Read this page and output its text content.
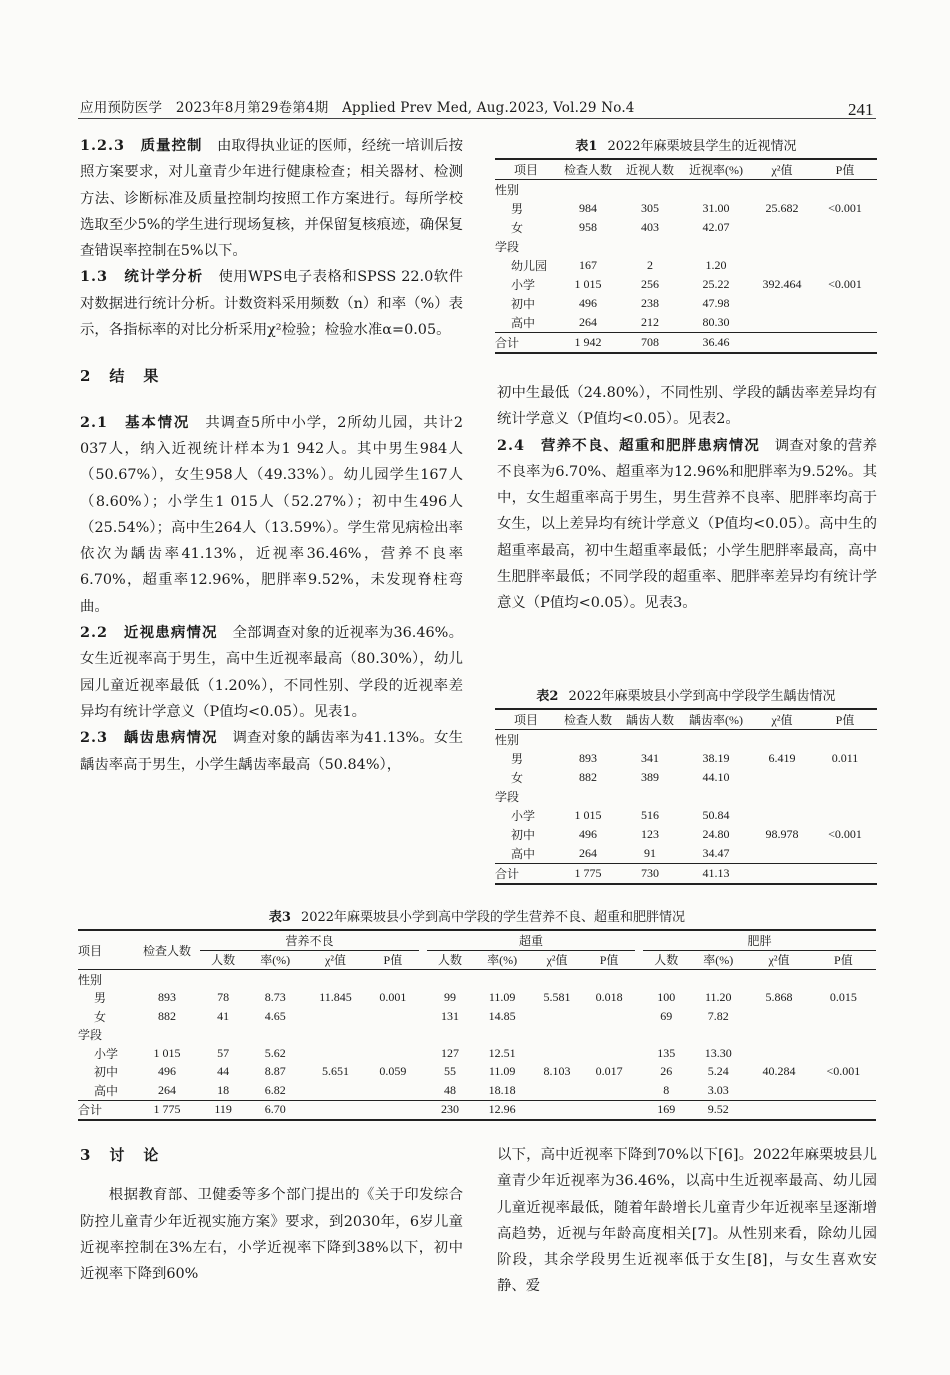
应用预防医学　2023年8月第29卷第4期　Applied Prev Med, Aug.2023, Vol.29 No.4	241

1.2.3　质量控制　 由取得执业证的医师，经统一培训后按照方案要求，对儿童青少年进行健康检查；相关器材、检测方法、诊断标准及质量控制均按照工作方案进行。每所学校选取至少5%的学生进行现场复核，并保留复核痕迹，确保复查错误率控制在5%以下。

1.3　统计学分析　 使用WPS电子表格和SPSS 22.0软件对数据进行统计分析。计数资料采用频数（n）和率（%）表示，各指标率的对比分析采用χ²检验；检验水准α=0.05。

2　结　果

2.1　基本情况　 共调查5所中小学，2所幼儿园，共计2 037人，纳入近视统计样本为1 942人。其中男生984人（50.67%），女生958人（49.33%）。幼儿园学生167人（8.60%）；小学生1 015人（52.27%）；初中生496人（25.54%）；高中生264人（13.59%）。学生常见病检出率依次为龋齿率41.13%，近视率36.46%，营养不良率6.70%，超重率12.96%，肥胖率9.52%，未发现脊柱弯曲。

2.2　近视患病情况　 全部调查对象的近视率为36.46%。女生近视率高于男生，高中生近视率最高（80.30%），幼儿园儿童近视率最低（1.20%），不同性别、学段的近视率差异均有统计学意义（P值均<0.05）。见表1。

2.3　龋齿患病情况　 调查对象的龋齿率为41.13%。女生龋齿率高于男生，小学生龋齿率最高（50.84%），

表1 2022年麻栗坡县学生的近视情况
项目	检查人数	近视人数	近视率(%)	χ²值	P值
性别					
男	984	305	31.00	25.682	<0.001
女	958	403	42.07		
学段					
幼儿园	167	2	1.20		
小学	1 015	256	25.22	392.464	<0.001
初中	496	238	47.98		
高中	264	212	80.30		
合计	1 942	708	36.46		

初中生最低（24.80%），不同性别、学段的龋齿率差异均有统计学意义（P值均<0.05）。见表2。

2.4　营养不良、超重和肥胖患病情况　 调查对象的营养不良率为6.70%、超重率为12.96%和肥胖率为9.52%。其中，女生超重率高于男生，男生营养不良率、肥胖率均高于女生，以上差异均有统计学意义（P值均<0.05）。高中生的超重率最高，初中生超重率最低；小学生肥胖率最高，高中生肥胖率最低；不同学段的超重率、肥胖率差异均有统计学意义（P值均<0.05）。见表3。

表2 2022年麻栗坡县小学到高中学段学生龋齿情况
项目	检查人数	龋齿人数	龋齿率(%)	χ²值	P值
性别					
男	893	341	38.19	6.419	0.011
女	882	389	44.10		
学段					
小学	1 015	516	50.84		
初中	496	123	24.80	98.978	<0.001
高中	264	91	34.47		
合计	1 775	730	41.13		
表3 2022年麻栗坡县小学到高中学段的学生营养不良、超重和肥胖情况
项目	检查人数	营养不良					超重					肥胖			
		人数	率(%)	χ²值	P值		人数	率(%)	χ²值	P值		人数	率(%)	χ²值	P值
性别															
男	893	78	8.73	11.845	0.001		99	11.09	5.581	0.018		100	11.20	5.868	0.015
女	882	41	4.65				131	14.85				69	7.82		
学段															
小学	1 015	57	5.62				127	12.51				135	13.30		
初中	496	44	8.87	5.651	0.059		55	11.09	8.103	0.017		26	5.24	40.284	<0.001
高中	264	18	6.82				48	18.18				8	3.03		
合计	1 775	119	6.70				230	12.96				169	9.52		

3　讨　论

根据教育部、卫健委等多个部门提出的《关于印发综合防控儿童青少年近视实施方案》要求，到2030年，6岁儿童近视率控制在3%左右，小学近视率下降到38%以下，初中近视率下降到60%

以下，高中近视率下降到70%以下[6]。2022年麻栗坡县儿童青少年近视率为36.46%，以高中生近视率最高、幼儿园儿童近视率最低，随着年龄增长儿童青少年近视率呈逐渐增高趋势，近视与年龄高度相关[7]。从性别来看，除幼儿园阶段，其余学段男生近视率低于女生[8]，与女生喜欢安静、爱
